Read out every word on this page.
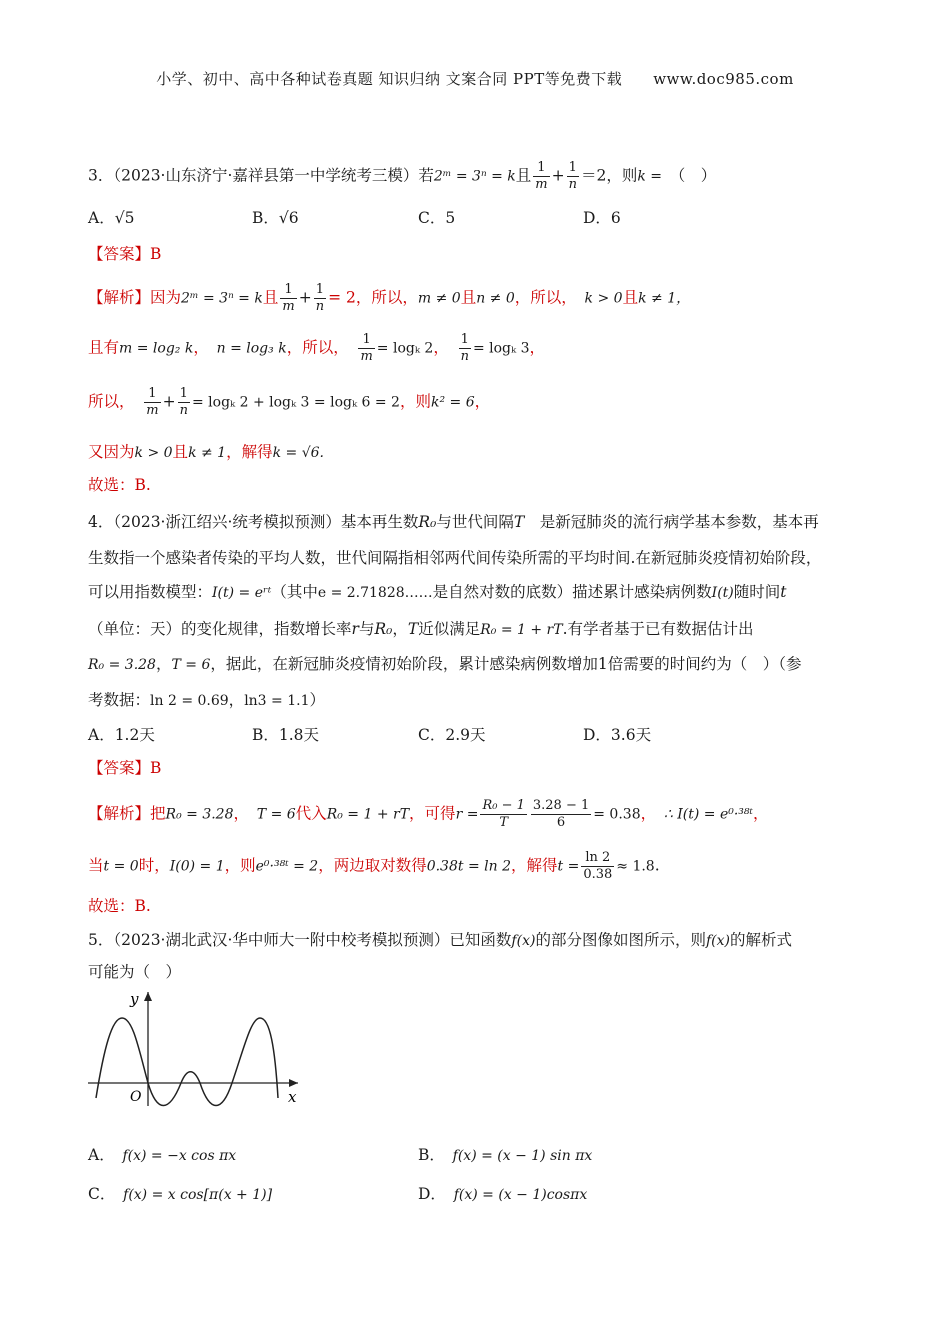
小学、初中、高中各种试卷真题 知识归纳 文案合同 PPT等免费下载　　www.doc985.com
3．（2023·山东济宁·嘉祥县第一中学统考三模）若2ᵐ = 3ⁿ = k且 $\frac{1}{m} + \frac{1}{n} =2$，则k =　 （　）
A．√5	B．√6	C．5	D．6
【答案】B
【解析】因为2ᵐ = 3ⁿ = k且 $\frac{1}{m} + \frac{1}{n} = 2$，所以，m ≠ 0且n ≠ 0，所以，　 k > 0且k ≠ 1，
且有m = log₂ k，　 n = log₃ k，所以，　 $\frac{1}{m} = \log_k$ 2，　 $\frac{1}{n} = \log_k$ 3，
所以，　 $\frac{1}{m} + \frac{1}{n} = \log_k$ 2 + logₖ 3 = logₖ 6 = 2，则k² = 6，
又因为k > 0且k ≠ 1，解得k = √6.
故选：B.
4．（2023·浙江绍兴·统考模拟预测）基本再生数R₀与世代间隔T　 是新冠肺炎的流行病学基本参数，基本再
生数指一个感染者传染的平均人数，世代间隔指相邻两代间传染所需的平均时间.在新冠肺炎疫情初始阶段，
可以用指数模型：I(t) = eʳᵗ（其中e = 2.71828……是自然对数的底数）描述累计感染病例数I(t)随时间t
（单位：天）的变化规律，指数增长率r与R₀，T近似满足R₀ = 1 + rT.有学者基于已有数据估计出
R₀ = 3.28，T = 6，据此，在新冠肺炎疫情初始阶段，累计感染病例数增加1倍需要的时间约为（　）（参
考数据：ln 2 = 0.69，ln3 = 1.1）
A．1.2天	B．1.8天	C．2.9天	D．3.6天
【答案】B
【解析】把R₀ = 3.28，　 T = 6代入R₀ = 1 + rT，可得$r = \frac{\text{R₀ − 1}}{T} \frac{3.28 - 1}{6} = 0.38$，　 ∴ I(t) = e⁰·³⁸ᵗ，
当t = 0时，I(0) = 1，则e⁰·³⁸ᵗ = 2，两边取对数得0.38t = ln 2，解得$t = \frac{\ln 2}{0.38} \approx 1.8$.
故选：B.
5．（2023·湖北武汉·华中师大一附中校考模拟预测）已知函数f(x)的部分图像如图所示，则f(x)的解析式
可能为（　）
y
x
O
A．　 f(x) = −x cos πx	B．　 f(x) = (x − 1) sin πx
C．　 f(x) = x cos[π(x + 1)]	D．　 f(x) = (x − 1)cosπx
